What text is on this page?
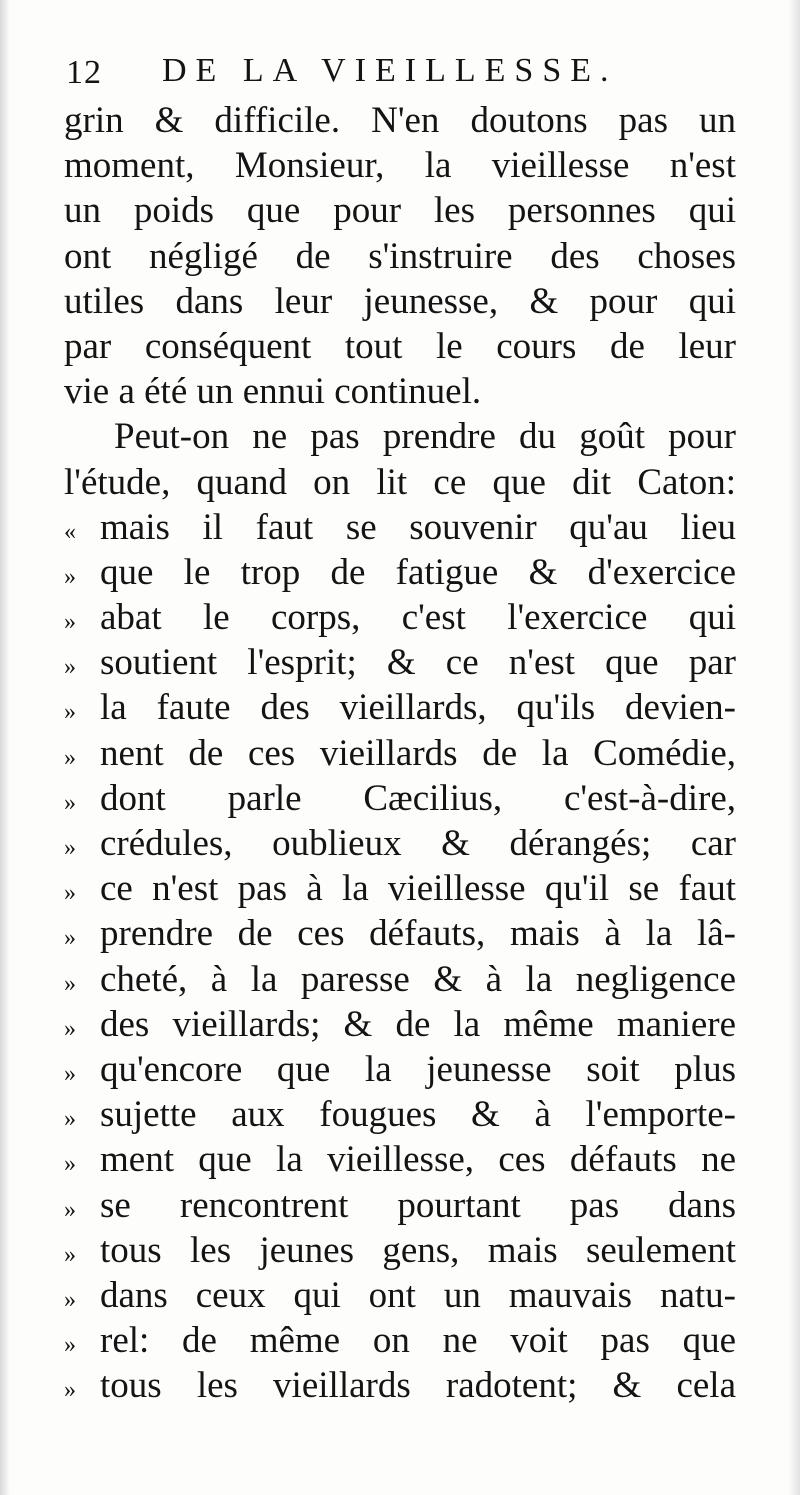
12 DE LA VIEILLESSE.
grin & difficile. N'en doutons pas un
moment, Monsieur, la vieillesse n'est
un poids que pour les personnes qui
ont négligé de s'instruire des choses
utiles dans leur jeunesse, & pour qui
par conséquent tout le cours de leur
vie a été un ennui continuel.
Peut-on ne pas prendre du goût pour
l'étude, quand on lit ce que dit Caton:
« mais il faut se souvenir qu'au lieu
» que le trop de fatigue & d'exercice
» abat le corps, c'est l'exercice qui
» soutient l'esprit; & ce n'est que par
» la faute des vieillards, qu'ils devien-
» nent de ces vieillards de la Comédie,
» dont parle Cæcilius, c'est-à-dire,
» crédules, oublieux & dérangés; car
» ce n'est pas à la vieillesse qu'il se faut
» prendre de ces défauts, mais à la lâ-
» cheté, à la paresse & à la negligence
» des vieillards; & de la même maniere
» qu'encore que la jeunesse soit plus
» sujette aux fougues & à l'emporte-
» ment que la vieillesse, ces défauts ne
» se rencontrent pourtant pas dans
» tous les jeunes gens, mais seulement
» dans ceux qui ont un mauvais natu-
» rel: de même on ne voit pas que
» tous les vieillards radotent; & cela
